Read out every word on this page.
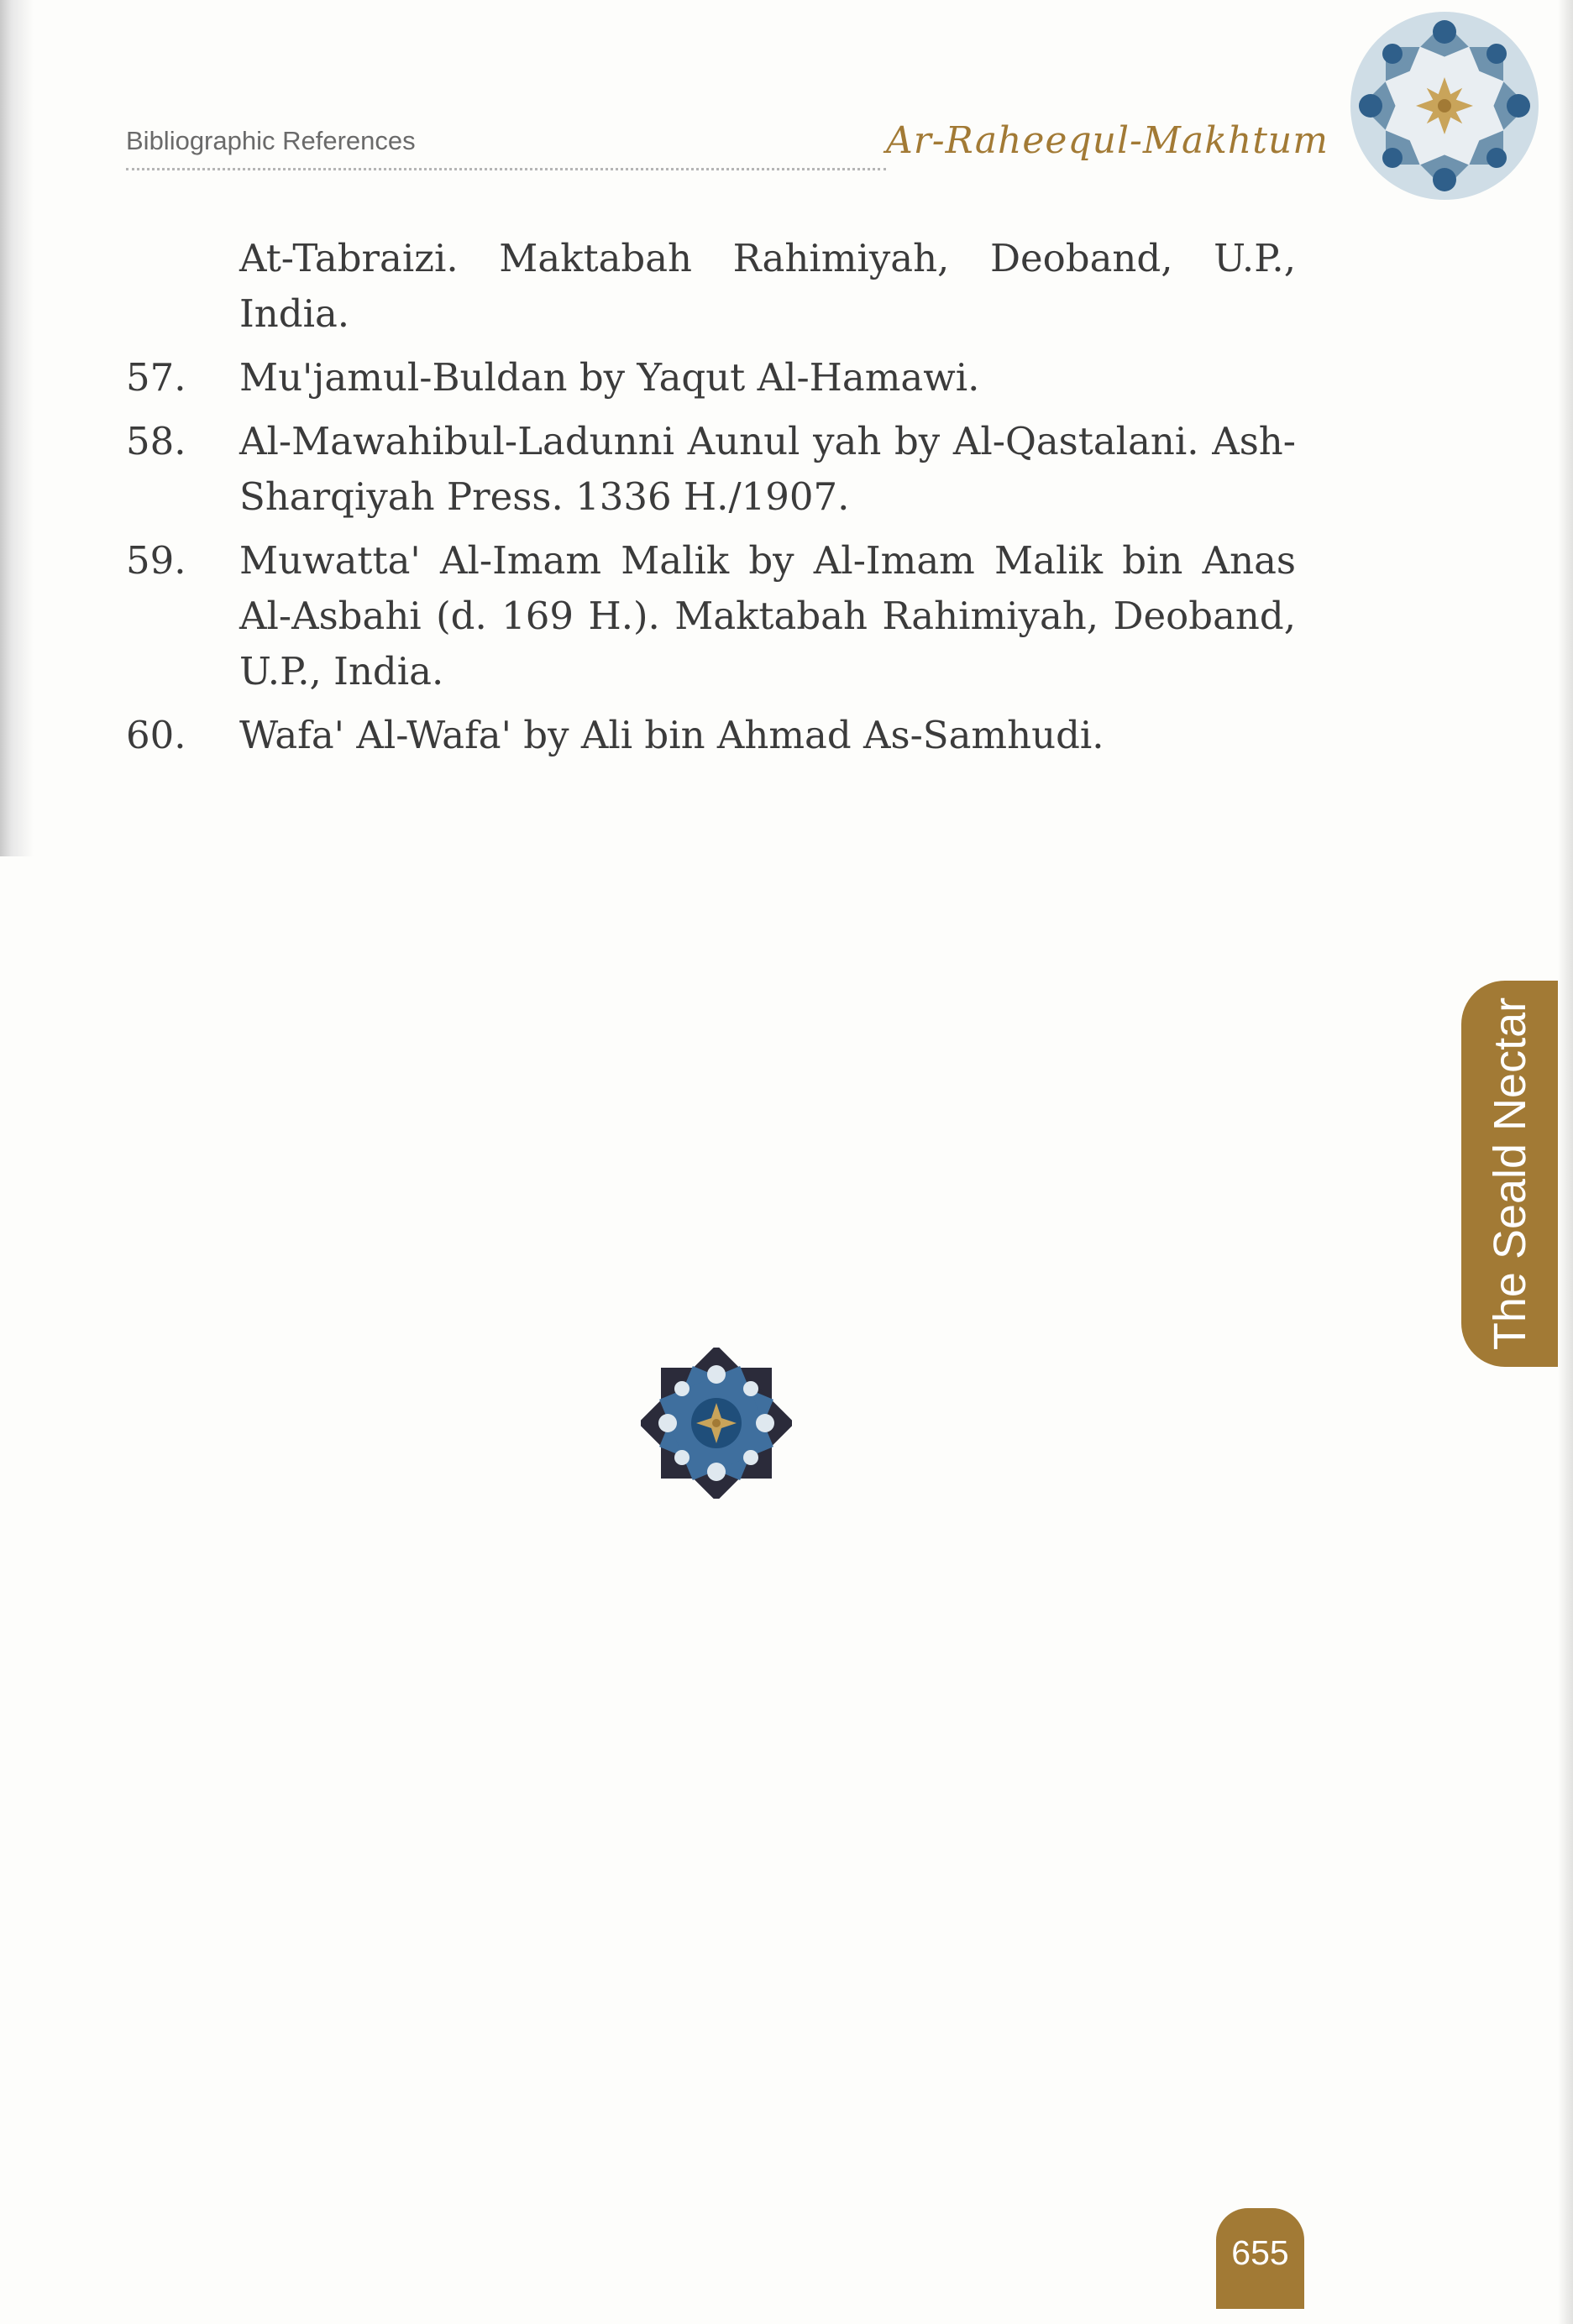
Bibliographic References	Ar-Raheequl-Makhtum
At-Tabraizi. Maktabah Rahimiyah, Deoband, U.P., India.
57.	Mu'jamul-Buldan by Yaqut Al-Hamawi.
58.	Al-Mawahibul-Ladunni Aunul yah by Al-Qastalani. Ash-Sharqiyah Press. 1336 H./1907.
59.	Muwatta' Al-Imam Malik by Al-Imam Malik bin Anas Al-Asbahi (d. 169 H.). Maktabah Rahimiyah, Deoband, U.P., India.
60.	Wafa' Al-Wafa' by Ali bin Ahmad As-Samhudi.
The Seald Nectar
655
